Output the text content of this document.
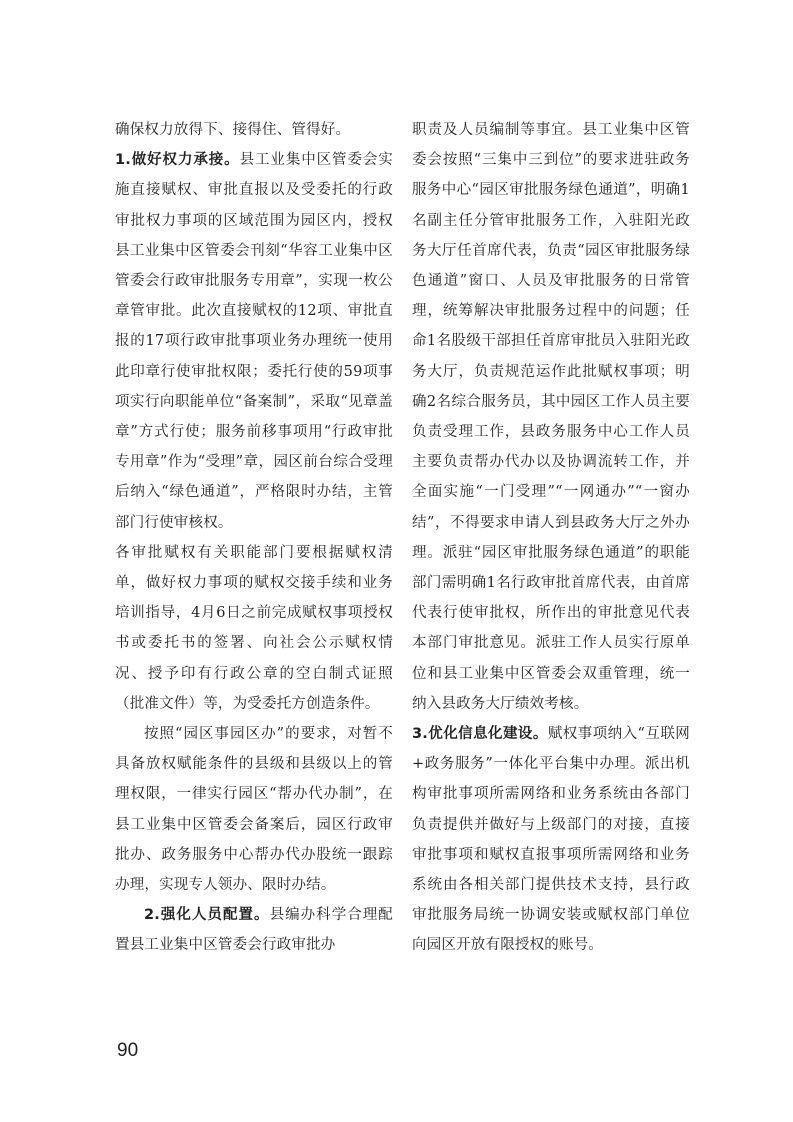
确保权力放得下、接得住、管得好。

1.做好权力承接。县工业集中区管委会实施直接赋权、审批直报以及受委托的行政审批权力事项的区域范围为园区内，授权县工业集中区管委会刊刻“华容工业集中区管委会行政审批服务专用章”，实现一枚公章管审批。此次直接赋权的12项、审批直报的17项行政审批事项业务办理统一使用此印章行使审批权限；委托行使的59项事项实行向职能单位“备案制”，采取“见章盖章”方式行使；服务前移事项用“行政审批专用章”作为“受理”章，园区前台综合受理后纳入“绿色通道”，严格限时办结，主管部门行使审核权。

各审批赋权有关职能部门要根据赋权清单，做好权力事项的赋权交接手续和业务培训指导，4月6日之前完成赋权事项授权书或委托书的签署、向社会公示赋权情况、授予印有行政公章的空白制式证照（批准文件）等，为受委托方创造条件。

按照“园区事园区办”的要求，对暂不具备放权赋能条件的县级和县级以上的管理权限，一律实行园区“帮办代办制”，在县工业集中区管委会备案后，园区行政审批办、政务服务中心帮办代办股统一跟踪办理，实现专人领办、限时办结。

2.强化人员配置。县编办科学合理配置县工业集中区管委会行政审批办

职责及人员编制等事宜。县工业集中区管委会按照“三集中三到位”的要求进驻政务服务中心“园区审批服务绿色通道”，明确1名副主任分管审批服务工作，入驻阳光政务大厅任首席代表，负责“园区审批服务绿色通道”窗口、人员及审批服务的日常管理，统筹解决审批服务过程中的问题；任命1名股级干部担任首席审批员入驻阳光政务大厅，负责规范运作此批赋权事项；明确2名综合服务员，其中园区工作人员主要负责受理工作，县政务服务中心工作人员主要负责帮办代办以及协调流转工作，并全面实施“一门受理”“一网通办”“一窗办结”，不得要求申请人到县政务大厅之外办理。派驻“园区审批服务绿色通道”的职能部门需明确1名行政审批首席代表，由首席代表行使审批权，所作出的审批意见代表本部门审批意见。派驻工作人员实行原单位和县工业集中区管委会双重管理，统一纳入县政务大厅绩效考核。

3.优化信息化建设。赋权事项纳入“互联网+政务服务”一体化平台集中办理。派出机构审批事项所需网络和业务系统由各部门负责提供并做好与上级部门的对接，直接审批事项和赋权直报事项所需网络和业务系统由各相关部门提供技术支持，县行政审批服务局统一协调安装或赋权部门单位向园区开放有限授权的账号。

90
